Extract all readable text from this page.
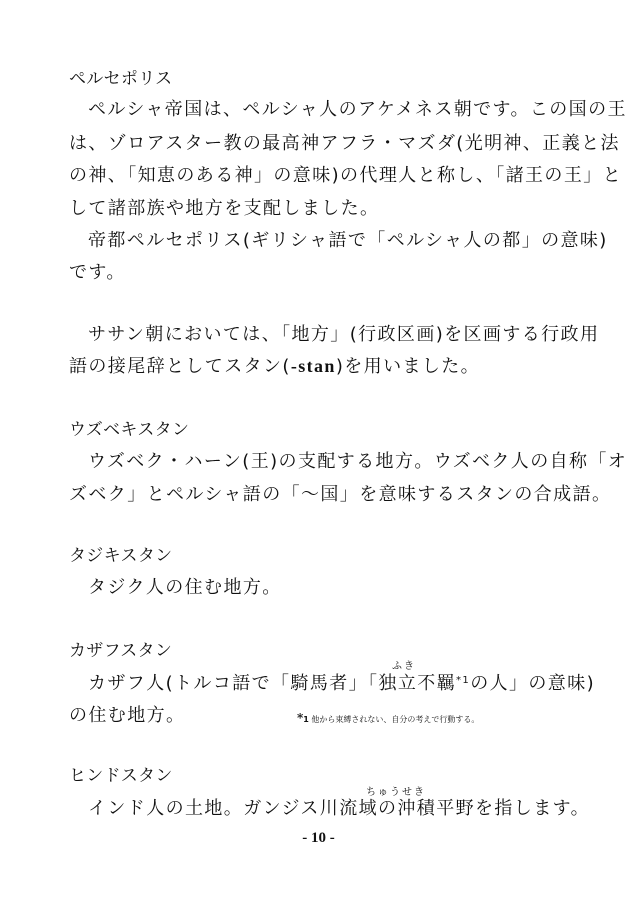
ペルセポリス
ペルシャ帝国は、ペルシャ人のアケメネス朝です。この国の王
は、ゾロアスター教の最高神アフラ・マズダ(光明神、正義と法
の神、「知恵のある神」の意味)の代理人と称し、「諸王の王」と
して諸部族や地方を支配しました。
帝都ペルセポリス(ギリシャ語で「ペルシャ人の都」の意味)
です。
ササン朝においては、「地方」(行政区画)を区画する行政用
語の接尾辞としてスタン(-stan)を用いました。
ウズベキスタン
ウズベク・ハーン(王)の支配する地方。ウズベク人の自称「オ
ズベク」とペルシャ語の「～国」を意味するスタンの合成語。
タジキスタン
タジク人の住む地方。
カザフスタン
ふき
カザフ人(トルコ語で「騎馬者」「独立不羈$^{*1}$の人」の意味)
の住む地方。	*1 他から束縛されない、自分の考えで行動する。
ヒンドスタン
ちゅうせき
インド人の土地。ガンジス川流域の沖積平野を指します。
- 10 -
